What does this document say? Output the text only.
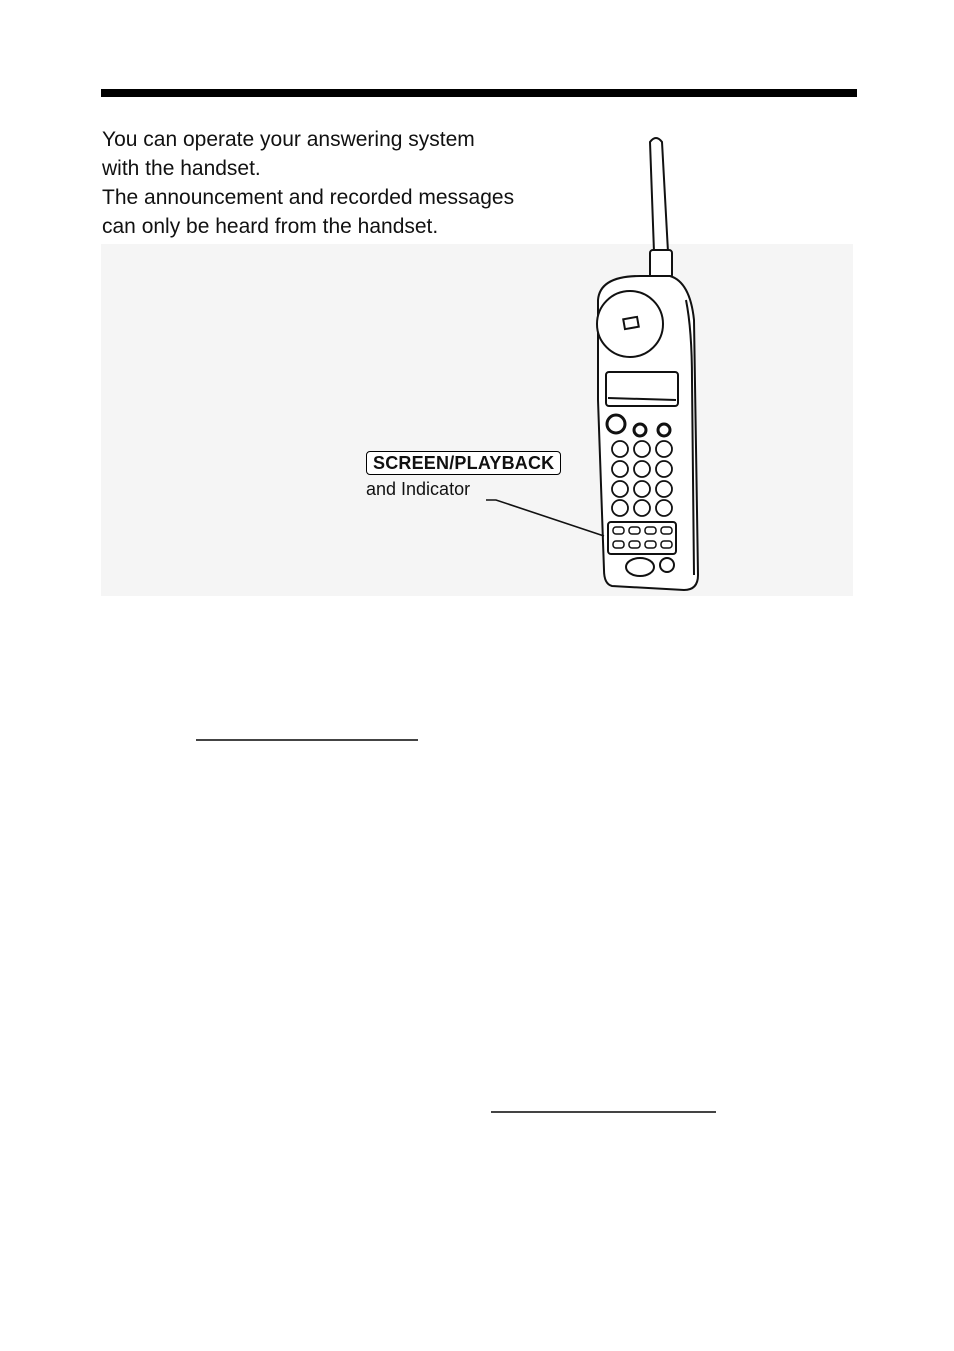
You can operate your answering system

with the handset.

The announcement and recorded messages

can only be heard from the handset.

SCREEN/PLAYBACK
and Indicator
